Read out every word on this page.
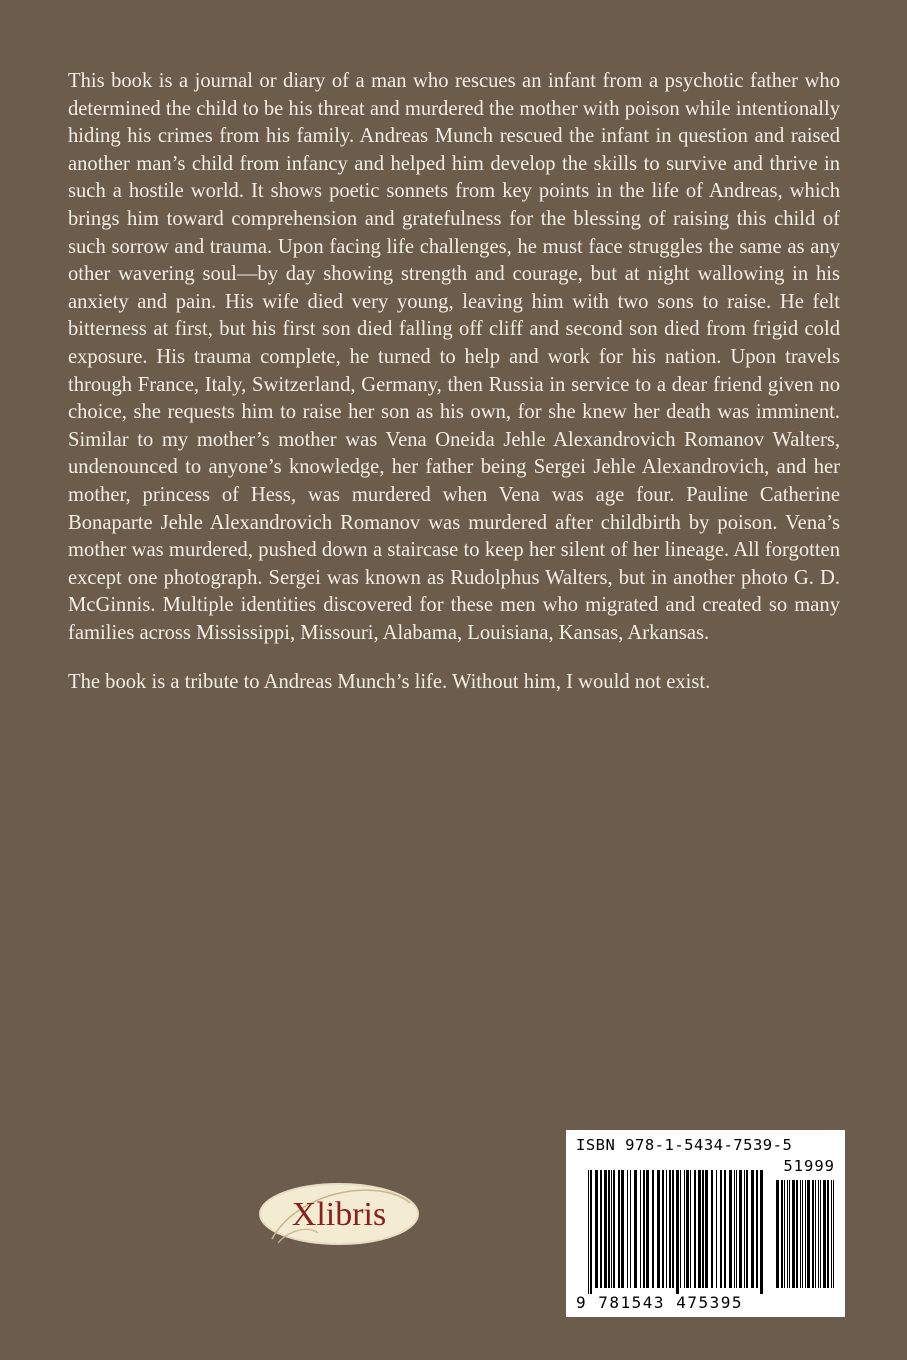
This book is a journal or diary of a man who rescues an infant from a psychotic father who determined the child to be his threat and murdered the mother with poison while intentionally hiding his crimes from his family. Andreas Munch rescued the infant in question and raised another man’s child from infancy and helped him develop the skills to survive and thrive in such a hostile world. It shows poetic sonnets from key points in the life of Andreas, which brings him toward comprehension and gratefulness for the blessing of raising this child of such sorrow and trauma. Upon facing life challenges, he must face struggles the same as any other wavering soul—by day showing strength and courage, but at night wallowing in his anxiety and pain. His wife died very young, leaving him with two sons to raise. He felt bitterness at first, but his first son died falling off cliff and second son died from frigid cold exposure. His trauma complete, he turned to help and work for his nation. Upon travels through France, Italy, Switzerland, Germany, then Russia in service to a dear friend given no choice, she requests him to raise her son as his own, for she knew her death was imminent. Similar to my mother’s mother was Vena Oneida Jehle Alexandrovich Romanov Walters, undenounced to anyone’s knowledge, her father being Sergei Jehle Alexandrovich, and her mother, princess of Hess, was murdered when Vena was age four. Pauline Catherine Bonaparte Jehle Alexandrovich Romanov was murdered after childbirth by poison. Vena’s mother was murdered, pushed down a staircase to keep her silent of her lineage. All forgotten except one photograph. Sergei was known as Rudolphus Walters, but in another photo G. D. McGinnis. Multiple identities discovered for these men who migrated and created so many families across Mississippi, Missouri, Alabama, Louisiana, Kansas, Arkansas.

The book is a tribute to Andreas Munch’s life. Without him, I would not exist.

Xlibris
ISBN 978-1-5434-7539-5
51999
9 781543 475395
